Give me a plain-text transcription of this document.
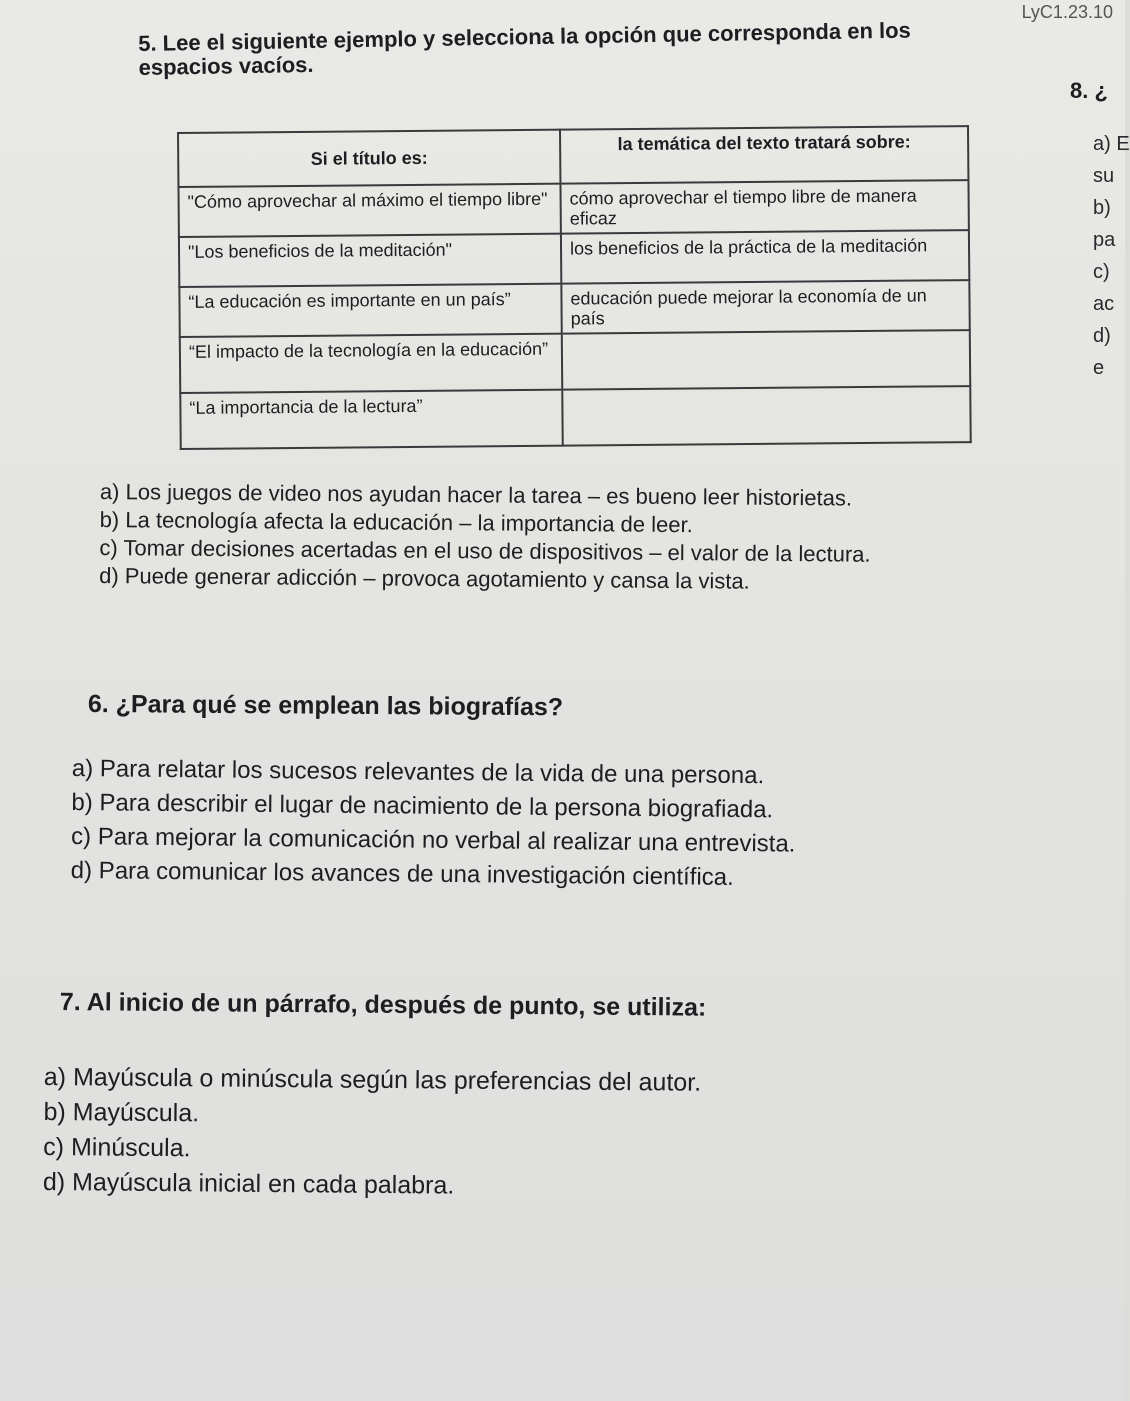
LyC1.23.10
5. Lee el siguiente ejemplo y selecciona la opción que corresponda en los
espacios vacíos.
8. ¿
a) E
su
b)
pa
c)
ac
d)
e
Si el título es:	la temática del texto tratará sobre:
"Cómo aprovechar al máximo el tiempo libre"	cómo aprovechar el tiempo libre de manera eficaz
"Los beneficios de la meditación"	los beneficios de la práctica de la meditación
“La educación es importante en un país”	educación puede mejorar la economía de un país
“El impacto de la tecnología en la educación”	
“La importancia de la lectura”	
a) Los juegos de video nos ayudan hacer la tarea – es bueno leer historietas.
b) La tecnología afecta la educación – la importancia de leer.
c) Tomar decisiones acertadas en el uso de dispositivos – el valor de la lectura.
d) Puede generar adicción – provoca agotamiento y cansa la vista.
6. ¿Para qué se emplean las biografías?
a) Para relatar los sucesos relevantes de la vida de una persona.
b) Para describir el lugar de nacimiento de la persona biografiada.
c) Para mejorar la comunicación no verbal al realizar una entrevista.
d) Para comunicar los avances de una investigación científica.
7. Al inicio de un párrafo, después de punto, se utiliza:
a) Mayúscula o minúscula según las preferencias del autor.
b) Mayúscula.
c) Minúscula.
d) Mayúscula inicial en cada palabra.
